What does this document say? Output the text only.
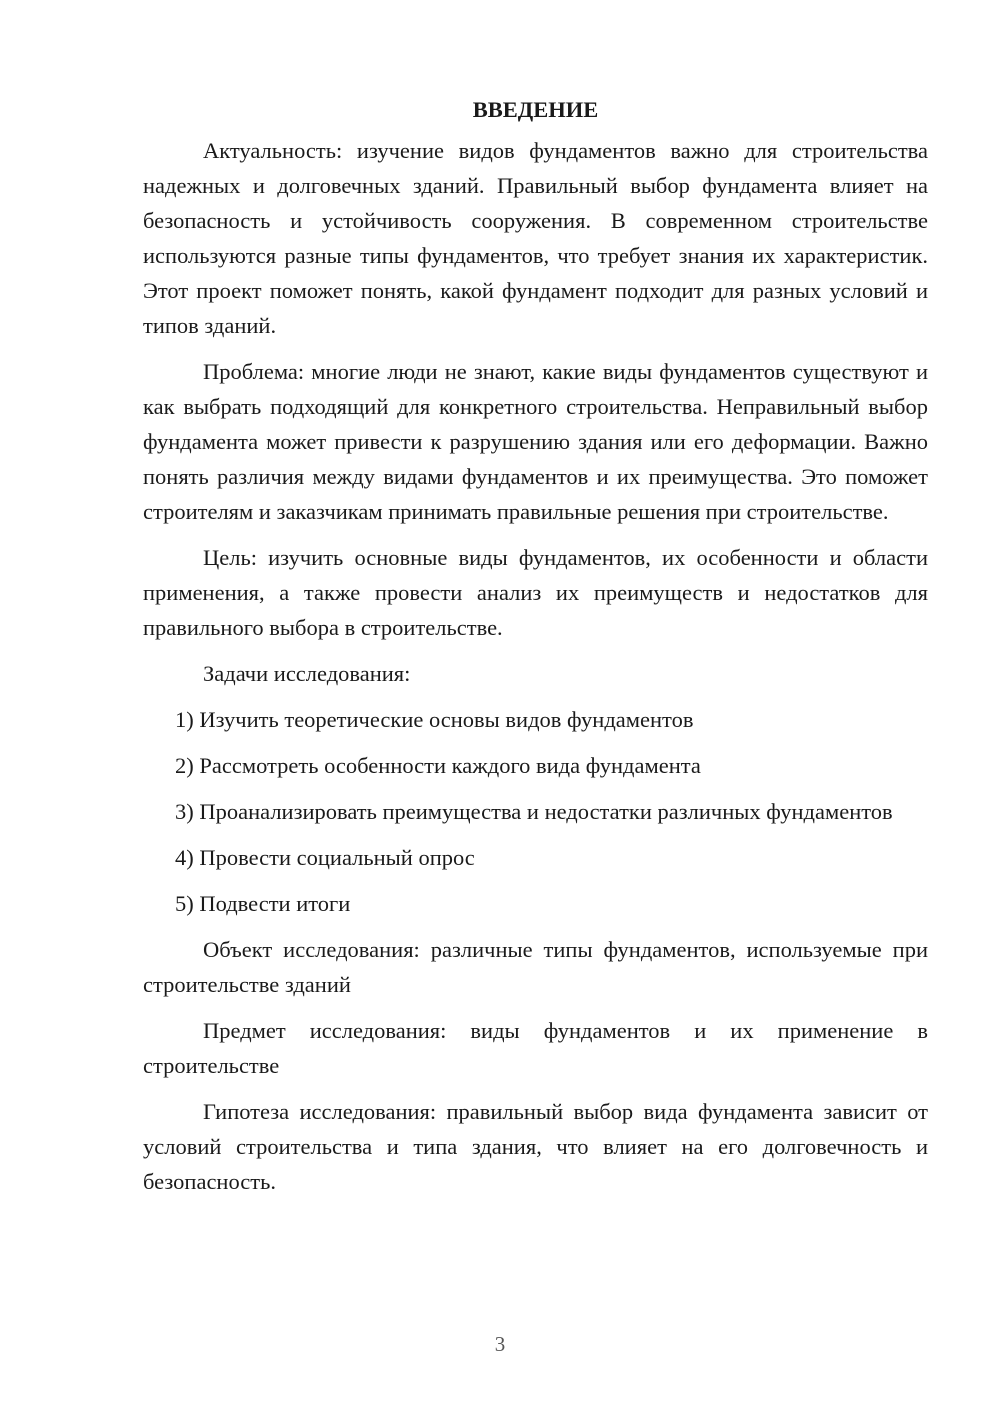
ВВЕДЕНИЕ

Актуальность: изучение видов фундаментов важно для строительства надежных и долговечных зданий. Правильный выбор фундамента влияет на безопасность и устойчивость сооружения. В современном строительстве используются разные типы фундаментов, что требует знания их характеристик. Этот проект поможет понять, какой фундамент подходит для разных условий и типов зданий.

Проблема: многие люди не знают, какие виды фундаментов существуют и как выбрать подходящий для конкретного строительства. Неправильный выбор фундамента может привести к разрушению здания или его деформации. Важно понять различия между видами фундаментов и их преимущества. Это поможет строителям и заказчикам принимать правильные решения при строительстве.

Цель: изучить основные виды фундаментов, их особенности и области применения, а также провести анализ их преимуществ и недостатков для правильного выбора в строительстве.

Задачи исследования:

1) Изучить теоретические основы видов фундаментов

2) Рассмотреть особенности каждого вида фундамента

3) Проанализировать преимущества и недостатки различных фундаментов

4) Провести социальный опрос

5) Подвести итоги

Объект исследования: различные типы фундаментов, используемые при строительстве зданий

Предмет исследования: виды фундаментов и их применение в строительстве

Гипотеза исследования: правильный выбор вида фундамента зависит от условий строительства и типа здания, что влияет на его долговечность и безопасность.

3
